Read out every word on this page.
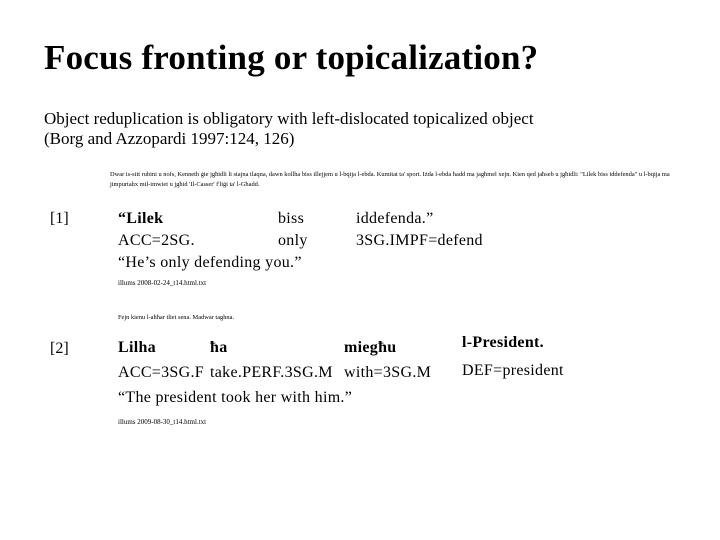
Focus fronting or topicalization?
Object reduplication is obligatory with left-dislocated topicalized object
(Borg and Azzopardi 1997:124, 126)
Dwar is-sitt rubini u nofs, Kenneth ġie jgħidli li stajna tlaqna, dawn kollha biss illejjem u l-bqija l-ebda. Kumitat ta' sport. Iżda l-ebda ħadd ma jagħmel xejn. Kien qed jaħseb u jgħidli: "Lilek biss iddefenda" u l-bqija ma jimpurtahx mil-imwiet u jgħid 'Il-Casser' f'liġi ta' l-Għadd.
[1]	“Lilek	biss	iddefenda.”
ACC=2SG.	only	3SG.IMPF=defend
“He’s only defending you.”
illums 2008-02-24_t14.html.txt
Fejn kienu l-aħħar tliet sena. Madwar taghna.
[2]	Lilha	ħa	miegħu	l-President.
ACC=3SG.F take.PERF.3SG.M with=3SG.M DEF=president
“The president took her with him.”
illums 2009-08-30_t14.html.txt
